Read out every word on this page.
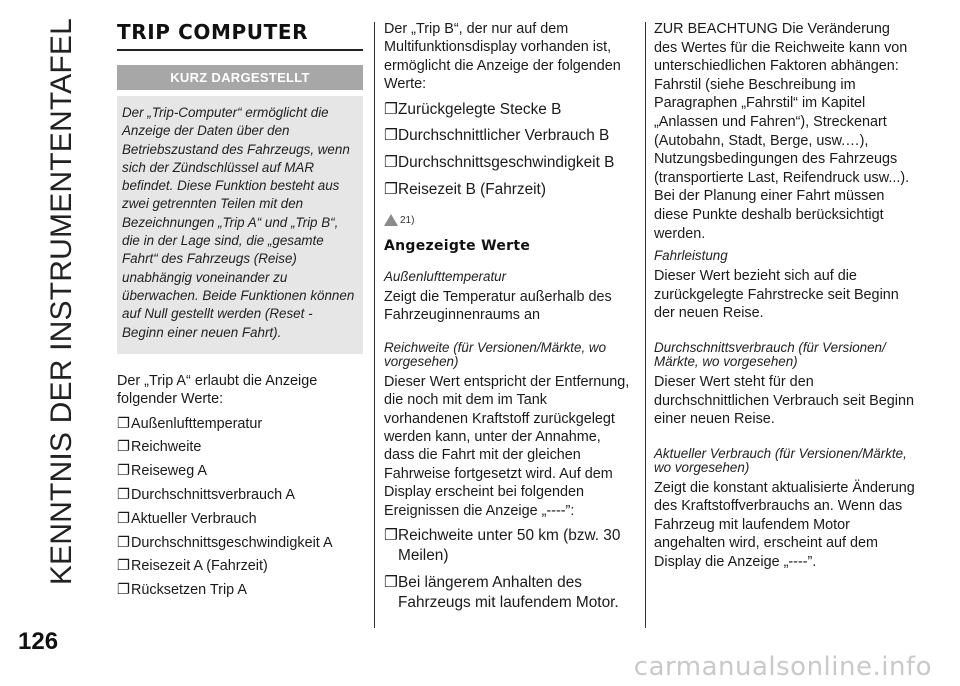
KENNTNIS DER INSTRUMENTENTAFEL	TRIP COMPUTER
KURZ DARGESTELLT
Der „Trip-Computer“ ermöglicht die Anzeige der Daten über den Betriebszustand des Fahrzeugs, wenn sich der Zündschlüssel auf MAR befindet. Diese Funktion besteht aus zwei getrennten Teilen mit den Bezeichnungen „Trip A“ und „Trip B“, die in der Lage sind, die „gesamte Fahrt“ des Fahrzeugs (Reise) unabhängig voneinander zu überwachen. Beide Funktionen können auf Null gestellt werden (Reset - Beginn einer neuen Fahrt).

Der „Trip A“ erlaubt die Anzeige folgender Werte:

❐ Außenlufttemperatur
❐ Reichweite
❐ Reiseweg A
❐ Durchschnittsverbrauch A
❐ Aktueller Verbrauch
❐ Durchschnittsgeschwindigkeit A
❐ Reisezeit A (Fahrzeit)
❐ Rücksetzen Trip A

Der „Trip B“, der nur auf dem Multifunktionsdisplay vorhanden ist, ermöglicht die Anzeige der folgenden Werte:

❐ Zurückgelegte Stecke B
❐ Durchschnittlicher Verbrauch B
❐ Durchschnittsgeschwindigkeit B
❐ Reisezeit B (Fahrzeit)
21)
Angezeigte Werte
Außenlufttemperatur

Zeigt die Temperatur außerhalb des Fahrzeuginnenraums an

Reichweite (für Versionen/Märkte, wo vorgesehen)

Dieser Wert entspricht der Entfernung, die noch mit dem im Tank vorhandenen Kraftstoff zurückgelegt werden kann, unter der Annahme, dass die Fahrt mit der gleichen Fahrweise fortgesetzt wird. Auf dem Display erscheint bei folgenden Ereignissen die Anzeige „----”:

❐ Reichweite unter 50 km (bzw. 30 Meilen)
❐ Bei längerem Anhalten des Fahrzeugs mit laufendem Motor.

ZUR BEACHTUNG Die Veränderung des Wertes für die Reichweite kann von unterschiedlichen Faktoren abhängen: Fahrstil (siehe Beschreibung im Paragraphen „Fahrstil“ im Kapitel „Anlassen und Fahren“), Streckenart (Autobahn, Stadt, Berge, usw.…), Nutzungsbedingungen des Fahrzeugs (transportierte Last, Reifendruck usw...). Bei der Planung einer Fahrt müssen diese Punkte deshalb berücksichtigt werden.

Fahrleistung

Dieser Wert bezieht sich auf die zurückgelegte Fahrstrecke seit Beginn der neuen Reise.

Durchschnittsverbrauch (für Versionen/ Märkte, wo vorgesehen)

Dieser Wert steht für den durchschnittlichen Verbrauch seit Beginn einer neuen Reise.

Aktueller Verbrauch (für Versionen/Märkte, wo vorgesehen)

Zeigt die konstant aktualisierte Änderung des Kraftstoffverbrauchs an. Wenn das Fahrzeug mit laufendem Motor angehalten wird, erscheint auf dem Display die Anzeige „----”.

126
carmanualsonline.info
